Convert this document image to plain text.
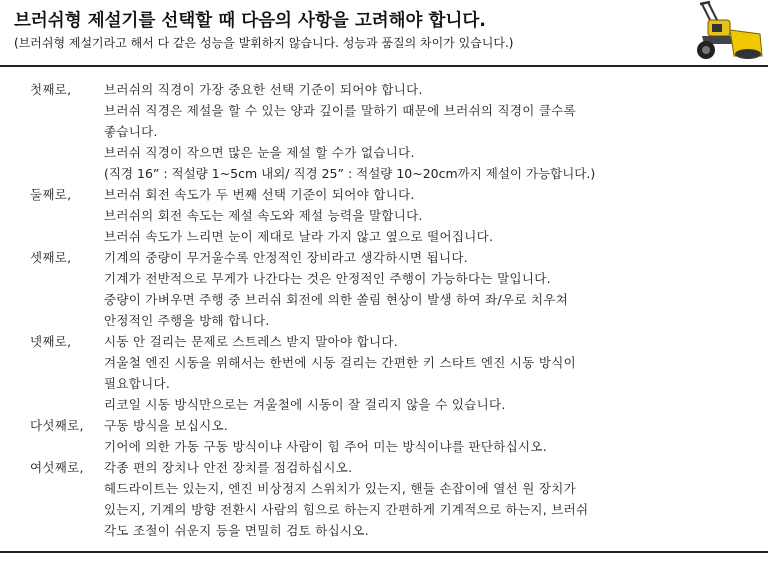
브러쉬형 제설기를 선택할 때 다음의 사항을 고려해야 합니다.
(브러쉬형 제설기라고 해서 다 같은 성능을 발휘하지 않습니다. 성능과 품질의 차이가 있습니다.)
첫째로,	브러쉬의 직경이 가장 중요한 선택 기준이 되어야 합니다.
브러쉬 직경은 제설을 할 수 있는 양과 깊이를 말하기 때문에 브러쉬의 직경이 클수록
좋습니다.
브러쉬 직경이 작으면 많은 눈을 제설 할 수가 없습니다.
(직경 16” : 적설량 1~5cm 내외/ 직경 25” : 적설량 10~20cm까지 제설이 가능합니다.)
둘째로,	브러쉬 회전 속도가 두 번째 선택 기준이 되어야 합니다.
브러쉬의 회전 속도는 제설 속도와 제설 능력을 말합니다.
브러쉬 속도가 느리면 눈이 제대로 날라 가지 않고 옆으로 떨어집니다.
셋째로,	기계의 중량이 무거울수록 안정적인 장비라고 생각하시면 됩니다.
기계가 전반적으로 무게가 나간다는 것은 안정적인 주행이 가능하다는 말입니다.
중량이 가벼우면 주행 중 브러쉬 회전에 의한 쏠림 현상이 발생 하여 좌/우로 치우쳐
안정적인 주행을 방해 합니다.
넷째로,	시동 안 걸리는 문제로 스트레스 받지 말아야 합니다.
겨울철 엔진 시동을 위해서는 한번에 시동 걸리는 간편한 키 스타트 엔진 시동 방식이
필요합니다.
리코일 시동 방식만으로는 겨울철에 시동이 잘 걸리지 않을 수 있습니다.
다섯째로, 구동 방식을 보십시오.
기어에 의한 가동 구동 방식이냐 사람이 힘 주어 미는 방식이냐를 판단하십시오.
여섯째로, 각종 편의 장치나 안전 장치를 점검하십시오.
헤드라이트는 있는지, 엔진 비상정지 스위치가 있는지, 핸들 손잡이에 열선 원 장치가
있는지, 기계의 방향 전환시 사람의 힘으로 하는지 간편하게 기계적으로 하는지, 브러쉬
각도 조절이 쉬운지 등을 면밀히 검토 하십시오.
